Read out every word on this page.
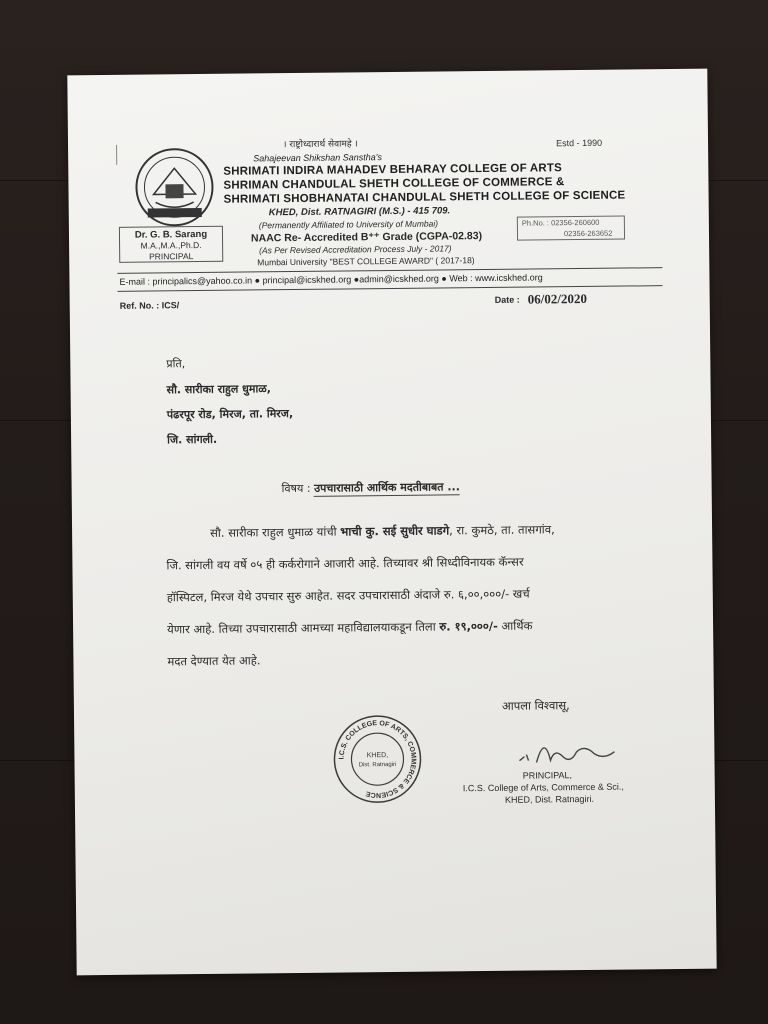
। राष्ट्रोध्दारार्थ सेवामहे ।	Estd - 1990
Sahajeevan Shikshan Sanstha's
SHRIMATI INDIRA MAHADEV BEHARAY COLLEGE OF ARTS
SHRIMAN CHANDULAL SHETH COLLEGE OF COMMERCE &
SHRIMATI SHOBHANATAI CHANDULAL SHETH COLLEGE OF SCIENCE
KHED, Dist. RATNAGIRI (M.S.) - 415 709.
(Permanently Affiliated to University of Mumbai)
NAAC Re- Accredited B⁺⁺ Grade (CGPA-02.83)
(As Per Revised Accreditation Process July - 2017)
Mumbai University "BEST COLLEGE AWARD" ( 2017-18)
Dr. G. B. Sarang
M.A.,M.A.,Ph.D.
PRINCIPAL
Ph.No. : 02356-260600
02356-263652
E-mail : principalics@yahoo.co.in ● principal@icskhed.org ●admin@icskhed.org ● Web : www.icskhed.org
Ref. No. : ICS/
Date : 06/02/2020
प्रति,
सौ. सारीका राहुल धुमाळ,
पंढरपूर रोड, मिरज, ता. मिरज,
जि. सांगली.
विषय : उपचारासाठी आर्थिक मदतीबाबत ...
सौ. सारीका राहुल धुमाळ यांची भाची कु. सई सुधीर घाडगे, रा. कुमठे, ता. तासगांव,
जि. सांगली वय वर्षे ०५ ही कर्करोगाने आजारी आहे. तिच्यावर श्री सिध्दीविनायक कॅन्सर
हॉस्पिटल, मिरज येथे उपचार सुरु आहेत. सदर उपचारासाठी अंदाजे रु. ६,००,०००/- खर्च
येणार आहे. तिच्या उपचारासाठी आमच्या महाविद्यालयाकडून तिला रु. १९,०००/- आर्थिक
मदत देण्यात येत आहे.
आपला विश्वासू,
I.C.S. COLLEGE OF ARTS, COMMERCE & SCIENCE
KHED,
Dist. Ratnagiri
PRINCIPAL,
I.C.S. College of Arts, Commerce & Sci.,
KHED, Dist. Ratnagiri.
